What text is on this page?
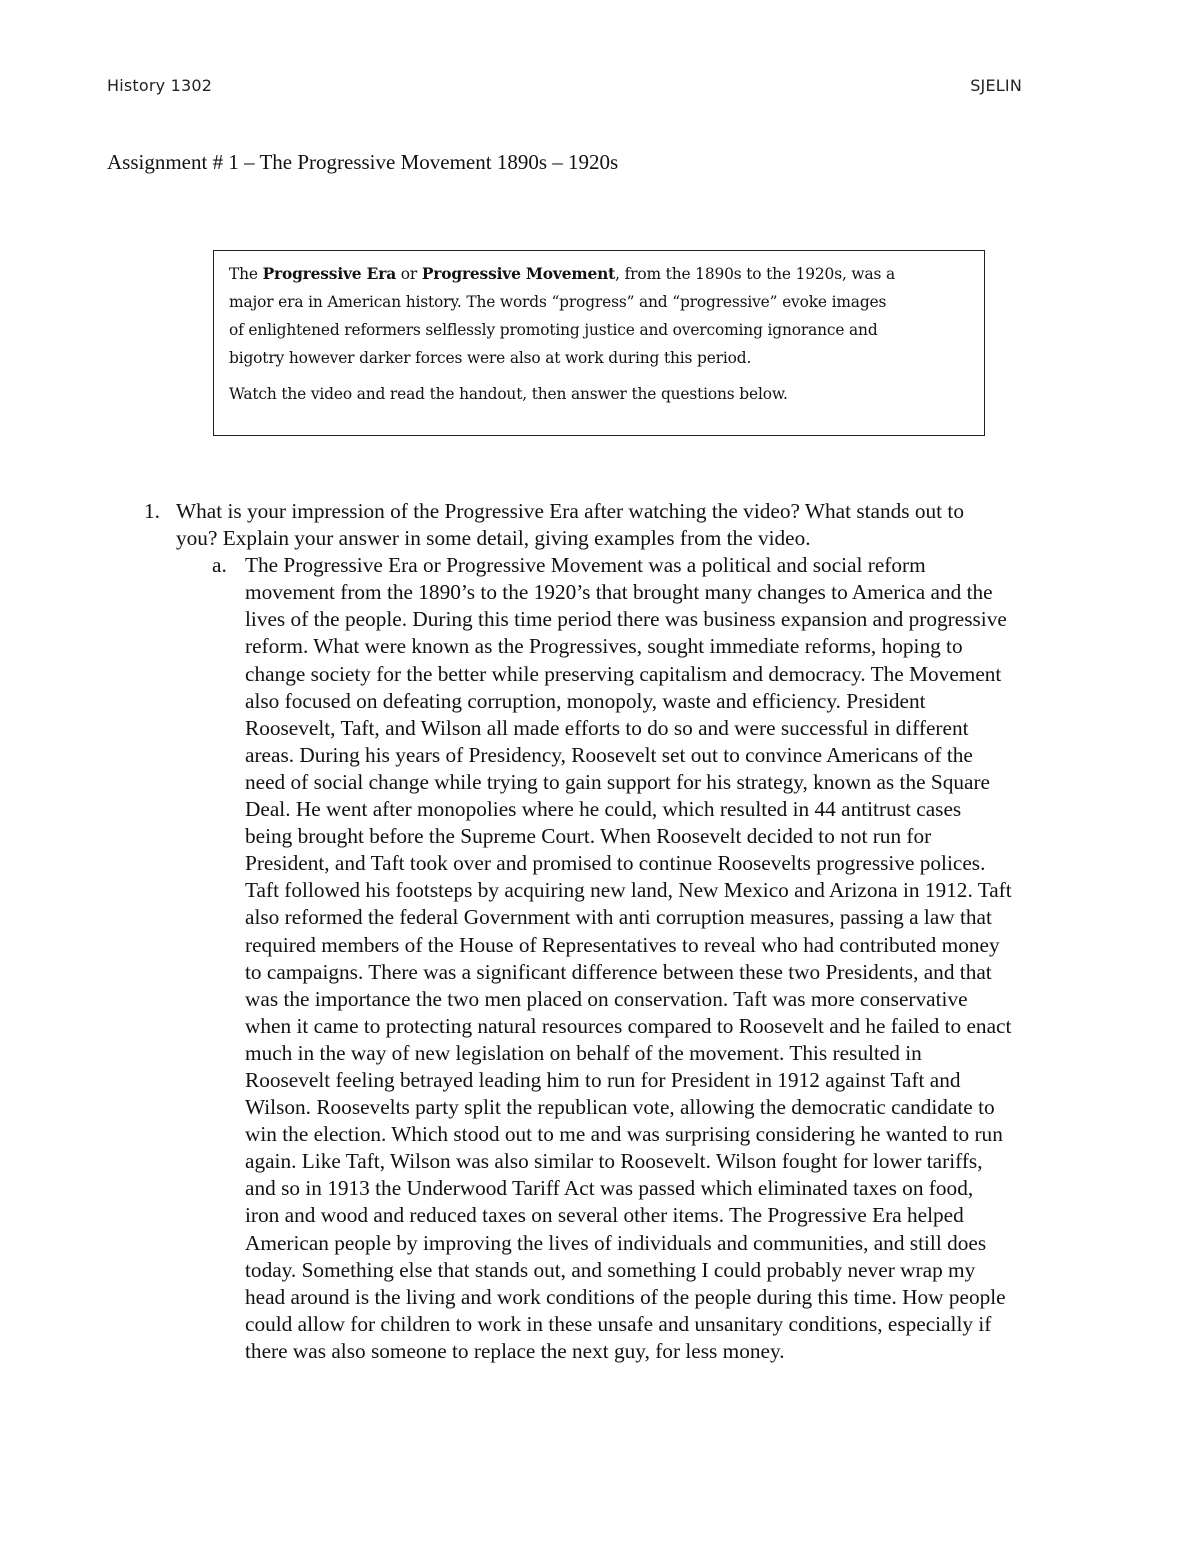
History 1302	SJELIN
Assignment # 1 – The Progressive Movement 1890s – 1920s

The Progressive Era or Progressive Movement, from the 1890s to the 1920s, was a
major era in American history. The words “progress” and “progressive” evoke images
of enlightened reformers selflessly promoting justice and overcoming ignorance and
bigotry however darker forces were also at work during this period.

Watch the video and read the handout, then answer the questions below.

1. What is your impression of the Progressive Era after watching the video? What stands out to
you? Explain your answer in some detail, giving examples from the video.
a. The Progressive Era or Progressive Movement was a political and social reform
movement from the 1890’s to the 1920’s that brought many changes to America and the
lives of the people. During this time period there was business expansion and progressive
reform. What were known as the Progressives, sought immediate reforms, hoping to
change society for the better while preserving capitalism and democracy. The Movement
also focused on defeating corruption, monopoly, waste and efficiency. President
Roosevelt, Taft, and Wilson all made efforts to do so and were successful in different
areas. During his years of Presidency, Roosevelt set out to convince Americans of the
need of social change while trying to gain support for his strategy, known as the Square
Deal. He went after monopolies where he could, which resulted in 44 antitrust cases
being brought before the Supreme Court. When Roosevelt decided to not run for
President, and Taft took over and promised to continue Roosevelts progressive polices.
Taft followed his footsteps by acquiring new land, New Mexico and Arizona in 1912. Taft
also reformed the federal Government with anti corruption measures, passing a law that
required members of the House of Representatives to reveal who had contributed money
to campaigns. There was a significant difference between these two Presidents, and that
was the importance the two men placed on conservation. Taft was more conservative
when it came to protecting natural resources compared to Roosevelt and he failed to enact
much in the way of new legislation on behalf of the movement. This resulted in
Roosevelt feeling betrayed leading him to run for President in 1912 against Taft and
Wilson. Roosevelts party split the republican vote, allowing the democratic candidate to
win the election. Which stood out to me and was surprising considering he wanted to run
again. Like Taft, Wilson was also similar to Roosevelt. Wilson fought for lower tariffs,
and so in 1913 the Underwood Tariff Act was passed which eliminated taxes on food,
iron and wood and reduced taxes on several other items. The Progressive Era helped
American people by improving the lives of individuals and communities, and still does
today. Something else that stands out, and something I could probably never wrap my
head around is the living and work conditions of the people during this time. How people
could allow for children to work in these unsafe and unsanitary conditions, especially if
there was also someone to replace the next guy, for less money.
